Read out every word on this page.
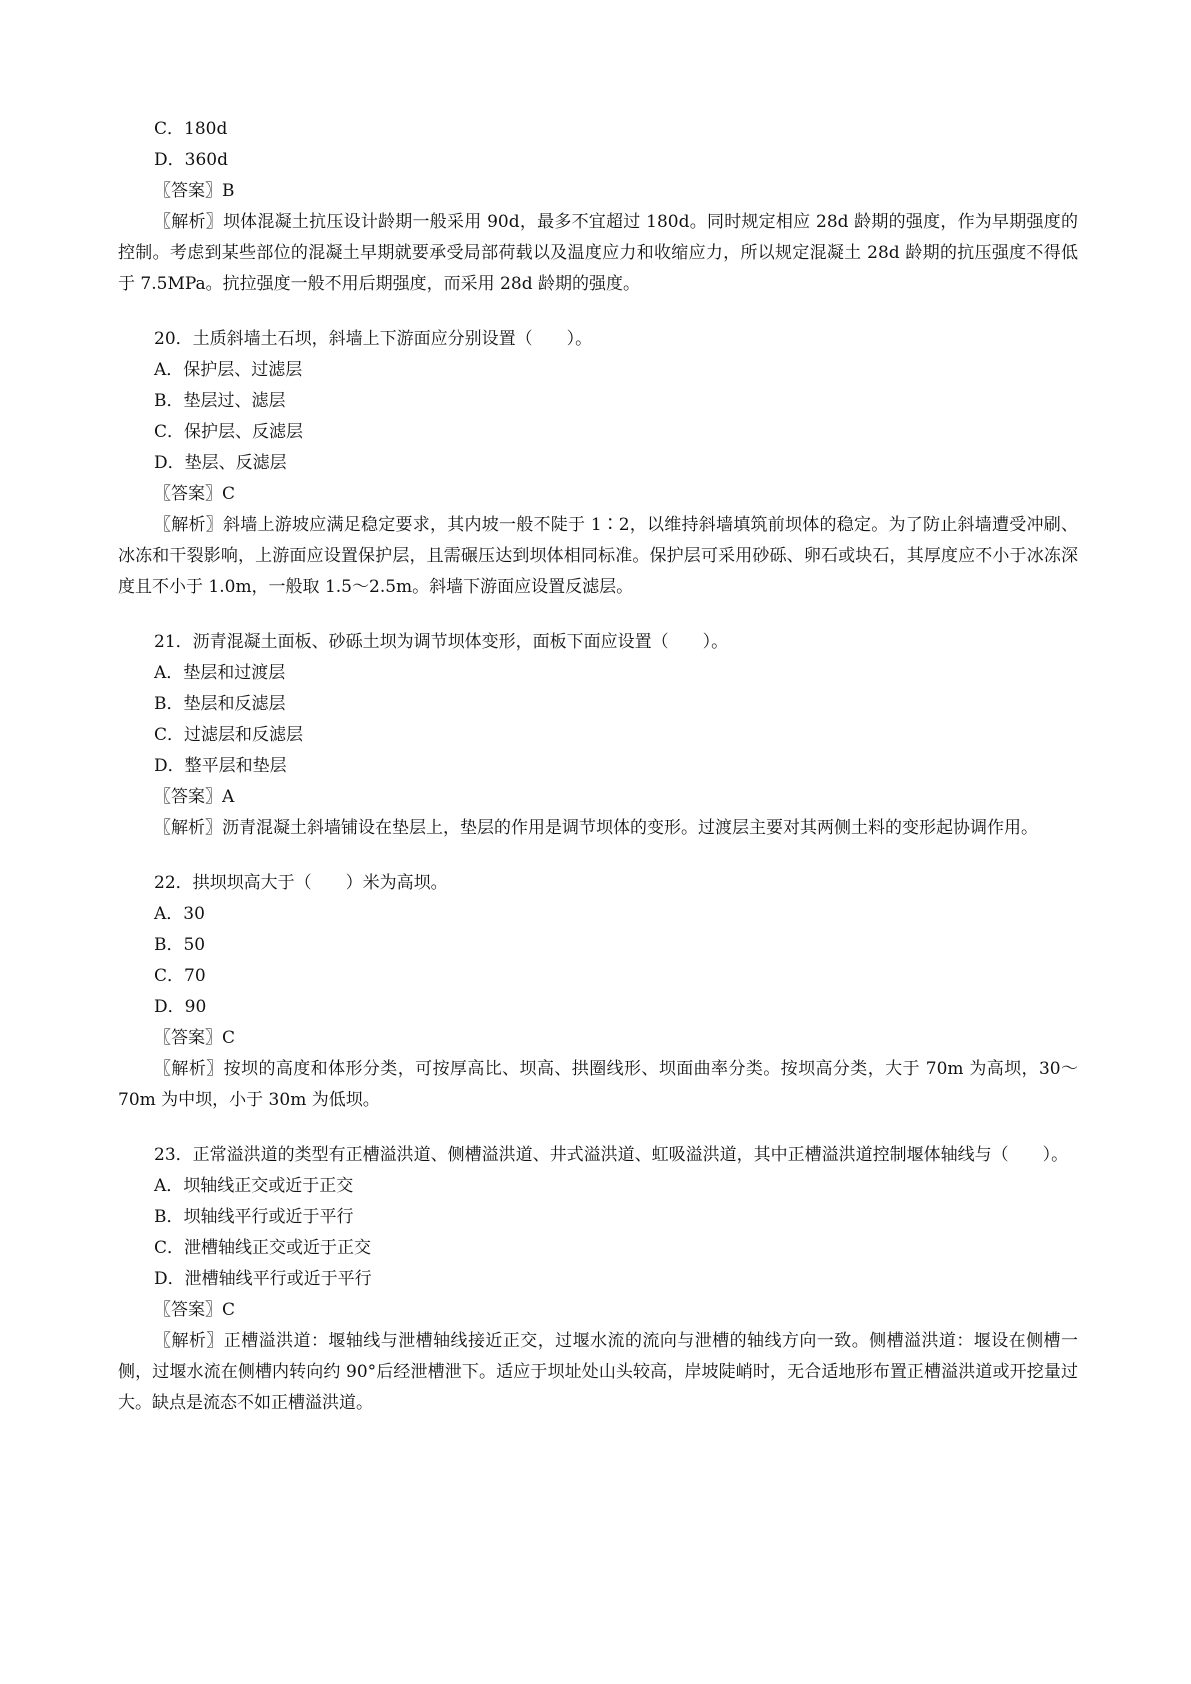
C．180d
D．360d
〖答案〗B
〖解析〗坝体混凝土抗压设计龄期一般采用 90d，最多不宜超过 180d。同时规定相应 28d 龄期的强度，作为早期强度的控制。考虑到某些部位的混凝土早期就要承受局部荷载以及温度应力和收缩应力，所以规定混凝土 28d 龄期的抗压强度不得低于 7.5MPa。抗拉强度一般不用后期强度，而采用 28d 龄期的强度。
20．土质斜墙土石坝，斜墙上下游面应分别设置（　　）。
A．保护层、过滤层
B．垫层过、滤层
C．保护层、反滤层
D．垫层、反滤层
〖答案〗C
〖解析〗斜墙上游坡应满足稳定要求，其内坡一般不陡于 1∶2，以维持斜墙填筑前坝体的稳定。为了防止斜墙遭受冲刷、冰冻和干裂影响，上游面应设置保护层，且需碾压达到坝体相同标准。保护层可采用砂砾、卵石或块石，其厚度应不小于冰冻深度且不小于 1.0m，一般取 1.5～2.5m。斜墙下游面应设置反滤层。
21．沥青混凝土面板、砂砾土坝为调节坝体变形，面板下面应设置（　　）。
A．垫层和过渡层
B．垫层和反滤层
C．过滤层和反滤层
D．整平层和垫层
〖答案〗A
〖解析〗沥青混凝土斜墙铺设在垫层上，垫层的作用是调节坝体的变形。过渡层主要对其两侧土料的变形起协调作用。
22．拱坝坝高大于（　　）米为高坝。
A．30
B．50
C．70
D．90
〖答案〗C
〖解析〗按坝的高度和体形分类，可按厚高比、坝高、拱圈线形、坝面曲率分类。按坝高分类，大于 70m 为高坝，30～70m 为中坝，小于 30m 为低坝。
23．正常溢洪道的类型有正槽溢洪道、侧槽溢洪道、井式溢洪道、虹吸溢洪道，其中正槽溢洪道控制堰体轴线与（　　）。
A．坝轴线正交或近于正交
B．坝轴线平行或近于平行
C．泄槽轴线正交或近于正交
D．泄槽轴线平行或近于平行
〖答案〗C
〖解析〗正槽溢洪道：堰轴线与泄槽轴线接近正交，过堰水流的流向与泄槽的轴线方向一致。侧槽溢洪道：堰设在侧槽一侧，过堰水流在侧槽内转向约 90°后经泄槽泄下。适应于坝址处山头较高，岸坡陡峭时，无合适地形布置正槽溢洪道或开挖量过大。缺点是流态不如正槽溢洪道。
